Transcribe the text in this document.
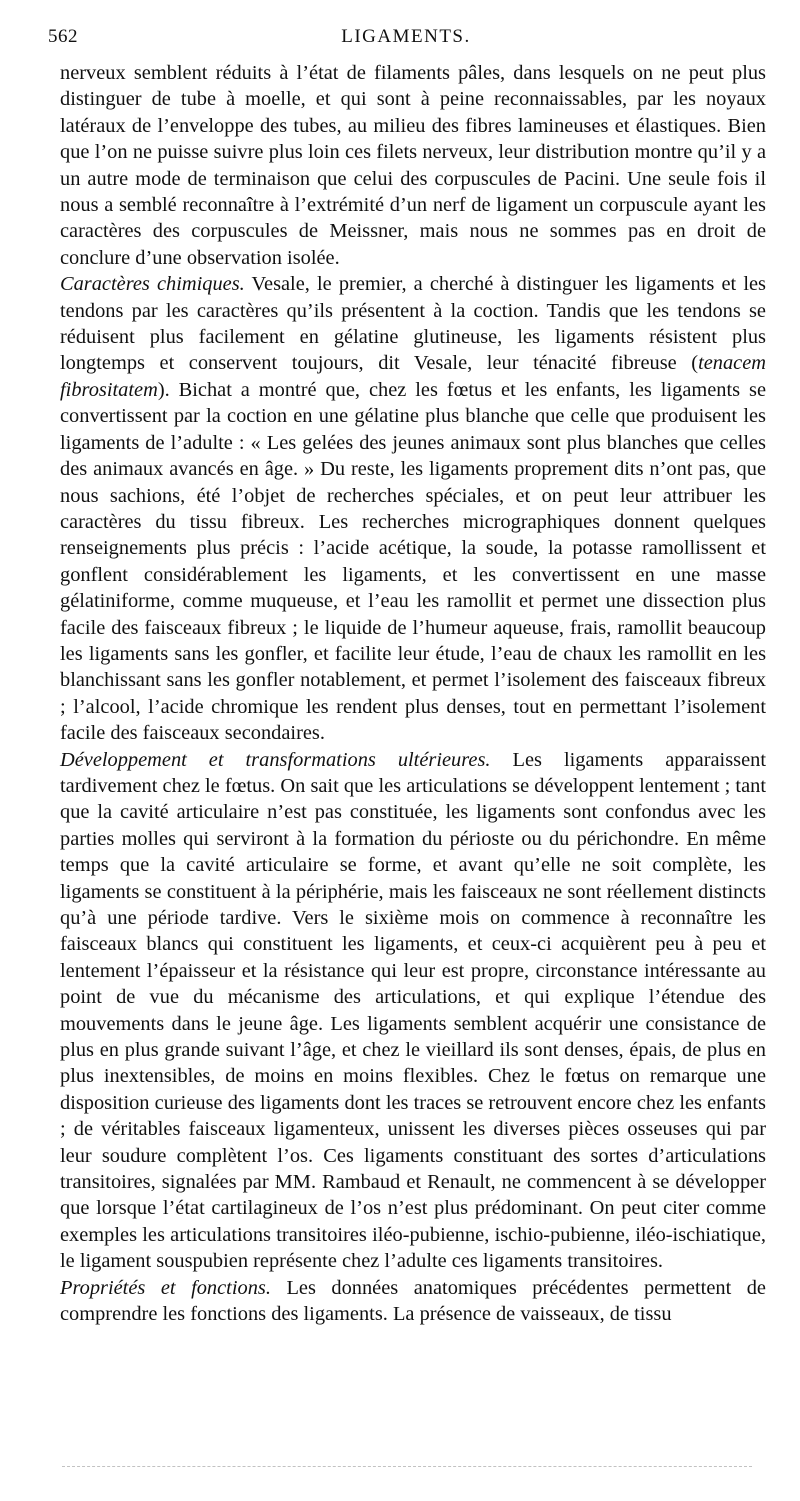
562	LIGAMENTS.

nerveux semblent réduits à l’état de filaments pâles, dans lesquels on ne peut plus distinguer de tube à moelle, et qui sont à peine reconnaissables, par les noyaux latéraux de l’enveloppe des tubes, au milieu des fibres lamineuses et élastiques. Bien que l’on ne puisse suivre plus loin ces filets nerveux, leur distribution montre qu’il y a un autre mode de terminaison que celui des corpuscules de Pacini. Une seule fois il nous a semblé reconnaître à l’extrémité d’un nerf de ligament un corpuscule ayant les caractères des corpuscules de Meissner, mais nous ne sommes pas en droit de conclure d’une observation isolée.

Caractères chimiques. Vesale, le premier, a cherché à distinguer les ligaments et les tendons par les caractères qu’ils présentent à la coction. Tandis que les tendons se réduisent plus facilement en gélatine glutineuse, les ligaments résistent plus longtemps et conservent toujours, dit Vesale, leur ténacité fibreuse (tenacem fibrositatem). Bichat a montré que, chez les fœtus et les enfants, les ligaments se convertissent par la coction en une gélatine plus blanche que celle que produisent les ligaments de l’adulte : « Les gelées des jeunes animaux sont plus blanches que celles des animaux avancés en âge. » Du reste, les ligaments proprement dits n’ont pas, que nous sachions, été l’objet de recherches spéciales, et on peut leur attribuer les caractères du tissu fibreux. Les recherches micrographiques donnent quelques renseignements plus précis : l’acide acétique, la soude, la potasse ramollissent et gonflent considérablement les ligaments, et les convertissent en une masse gélatiniforme, comme muqueuse, et l’eau les ramollit et permet une dissection plus facile des faisceaux fibreux ; le liquide de l’humeur aqueuse, frais, ramollit beaucoup les ligaments sans les gonfler, et facilite leur étude, l’eau de chaux les ramollit en les blanchissant sans les gonfler notablement, et permet l’isolement des faisceaux fibreux ; l’alcool, l’acide chromique les rendent plus denses, tout en permettant l’isolement facile des faisceaux secondaires.

Développement et transformations ultérieures. Les ligaments apparaissent tardivement chez le fœtus. On sait que les articulations se développent lentement ; tant que la cavité articulaire n’est pas constituée, les ligaments sont confondus avec les parties molles qui serviront à la formation du périoste ou du périchondre. En même temps que la cavité articulaire se forme, et avant qu’elle ne soit complète, les ligaments se constituent à la périphérie, mais les faisceaux ne sont réellement distincts qu’à une période tardive. Vers le sixième mois on commence à reconnaître les faisceaux blancs qui constituent les ligaments, et ceux-ci acquièrent peu à peu et lentement l’épaisseur et la résistance qui leur est propre, circonstance intéressante au point de vue du mécanisme des articulations, et qui explique l’étendue des mouvements dans le jeune âge. Les ligaments semblent acquérir une consistance de plus en plus grande suivant l’âge, et chez le vieillard ils sont denses, épais, de plus en plus inextensibles, de moins en moins flexibles. Chez le fœtus on remarque une disposition curieuse des ligaments dont les traces se retrouvent encore chez les enfants ; de véritables faisceaux ligamenteux, unissent les diverses pièces osseuses qui par leur soudure complètent l’os. Ces ligaments constituant des sortes d’articulations transitoires, signalées par MM. Rambaud et Renault, ne commencent à se développer que lorsque l’état cartilagineux de l’os n’est plus prédominant. On peut citer comme exemples les articulations transitoires iléo-pubienne, ischio-pubienne, iléo-ischiatique, le ligament souspubien représente chez l’adulte ces ligaments transitoires.

Propriétés et fonctions. Les données anatomiques précédentes permettent de comprendre les fonctions des ligaments. La présence de vaisseaux, de tissu
